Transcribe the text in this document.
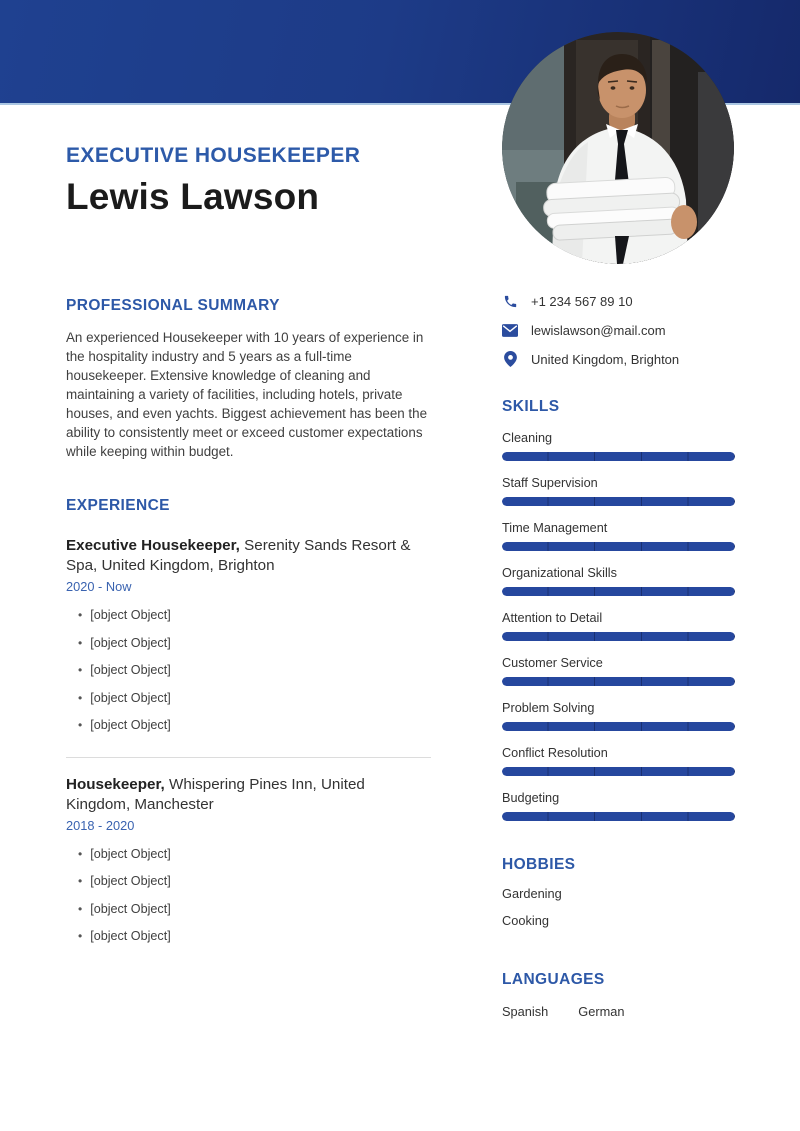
EXECUTIVE HOUSEKEEPER
Lewis Lawson
PROFESSIONAL SUMMARY

An experienced Housekeeper with 10 years of experience in the hospitality industry and 5 years as a full-time housekeeper. Extensive knowledge of cleaning and maintaining a variety of facilities, including hotels, private houses, and even yachts. Biggest achievement has been the ability to consistently meet or exceed customer expectations while keeping within budget.

EXPERIENCE
Executive Housekeeper, Serenity Sands Resort & Spa, United Kingdom, Brighton
2020 - Now
• [object Object]
• [object Object]
• [object Object]
• [object Object]
• [object Object]
Housekeeper, Whispering Pines Inn, United Kingdom, Manchester
2018 - 2020
• [object Object]
• [object Object]
• [object Object]
• [object Object]
+1 234 567 89 10
lewislawson@mail.com
United Kingdom, Brighton
SKILLS
Cleaning
Staff Supervision
Time Management
Organizational Skills
Attention to Detail
Customer Service
Problem Solving
Conflict Resolution
Budgeting
HOBBIES
Gardening
Cooking
LANGUAGES
Spanish German
